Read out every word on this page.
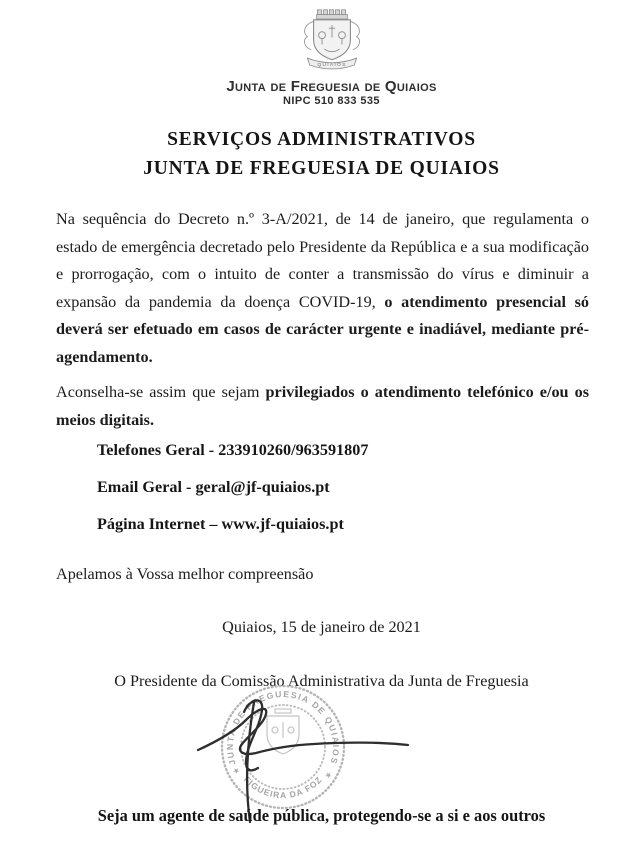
QUIAIOS
Junta de Freguesia de Quiaios
NIPC 510 833 535
SERVIÇOS ADMINISTRATIVOS
JUNTA DE FREGUESIA DE QUIAIOS

Na sequência do Decreto n.º 3-A/2021, de 14 de janeiro, que regulamenta o estado de emergência decretado pelo Presidente da República e a sua modificação e prorrogação, com o intuito de conter a transmissão do vírus e diminuir a expansão da pandemia da doença COVID-19, o atendimento presencial só deverá ser efetuado em casos de carácter urgente e inadiável, mediante pré-agendamento.

Aconselha-se assim que sejam privilegiados o atendimento telefónico e/ou os meios digitais.

Telefones Geral - 233910260/963591807

Email Geral - geral@jf-quiaios.pt

Página Internet – www.jf-quiaios.pt

Apelamos à Vossa melhor compreensão

Quiaios, 15 de janeiro de 2021

O Presidente da Comissão Administrativa da Junta de Freguesia

JUNTA DE FREGUESIA DE QUIAIOS
FIGUEIRA DA FOZ
★	★

Seja um agente de saúde pública, protegendo-se a si e aos outros
